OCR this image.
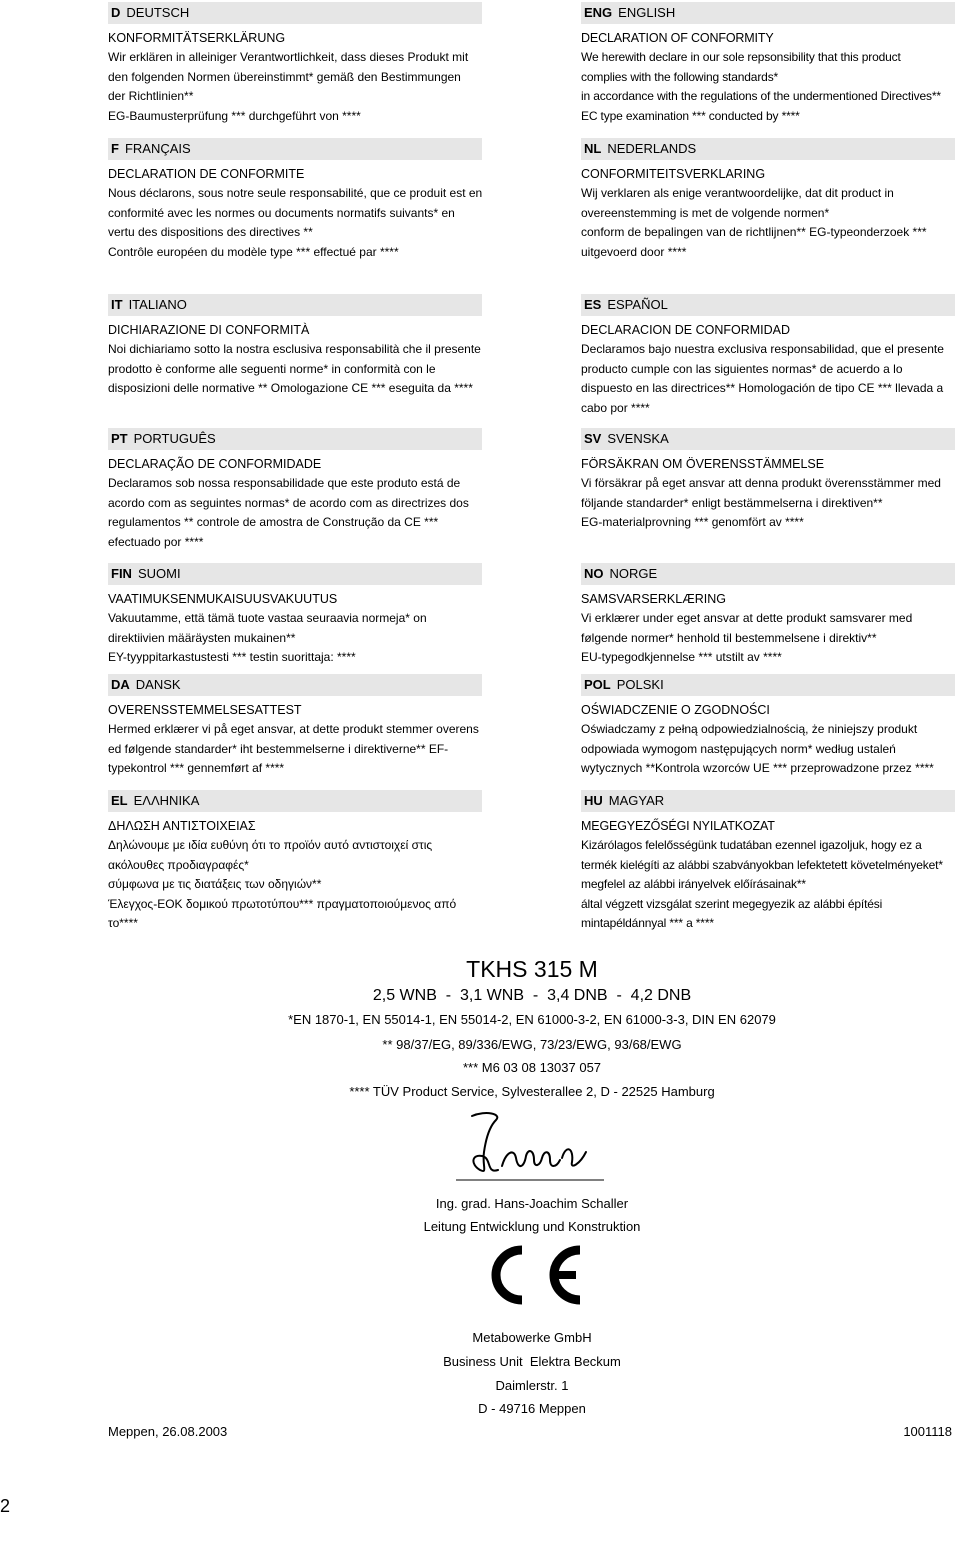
D DEUTSCH
KONFORMITÄTSERKLÄRUNG
Wir erklären in alleiniger Verantwortlichkeit, dass dieses Produkt mit
den folgenden Normen übereinstimmt* gemäß den Bestimmungen
der Richtlinien**
EG-Baumusterprüfung *** durchgeführt von ****
F FRANÇAIS
DECLARATION DE CONFORMITE
Nous déclarons, sous notre seule responsabilité, que ce produit est en
conformité avec les normes ou documents normatifs suivants* en
vertu des dispositions des directives **
Contrôle européen du modèle type *** effectué par ****
IT ITALIANO
DICHIARAZIONE DI CONFORMITÀ
Noi dichiariamo sotto la nostra esclusiva responsabilità che il presente
prodotto è conforme alle seguenti norme* in conformità con le
disposizioni delle normative ** Omologazione CE *** eseguita da ****
PT PORTUGUÊS
DECLARAÇÃO DE CONFORMIDADE
Declaramos sob nossa responsabilidade que este produto está de
acordo com as seguintes normas* de acordo com as directrizes dos
regulamentos ** controle de amostra de Construção da CE ***
efectuado por ****
FIN SUOMI
VAATIMUKSENMUKAISUUSVAKUUTUS
Vakuutamme, että tämä tuote vastaa seuraavia normeja* on
direktiivien määräysten mukainen**
EY-tyyppitarkastustesti *** testin suorittaja: ****
DA DANSK
OVERENSSTEMMELSESATTEST
Hermed erklærer vi på eget ansvar, at dette produkt stemmer overens
ed følgende standarder* iht bestemmelserne i direktiverne** EF-
typekontrol *** gennemført af ****
EL ΕΛΛΗΝΙΚΑ
ΔΗΛΩΣΗ ΑΝΤΙΣΤΟΙΧΕΙΑΣ
Δηλώνουμε με ιδία ευθύνη ότι το προϊόν αυτό αντιστοιχεί στις
ακόλουθες προδιαγραφές*
σύμφωνα με τις διατάξεις των οδηγιών**
Έλεγχος-ΕΟΚ δομικού πρωτοτύπου*** πραγματοποιούμενος από
το****
ENG ENGLISH
DECLARATION OF CONFORMITY
We herewith declare in our sole repsonsibility that this product
complies with the following standards*
in accordance with the regulations of the undermentioned Directives**
EC type examination *** conducted by ****
NL NEDERLANDS
CONFORMITEITSVERKLARING
Wij verklaren als enige verantwoordelijke, dat dit product in
overeenstemming is met de volgende normen*
conform de bepalingen van de richtlijnen** EG-typeonderzoek ***
uitgevoerd door ****
ES ESPAÑOL
DECLARACION DE CONFORMIDAD
Declaramos bajo nuestra exclusiva responsabilidad, que el presente
producto cumple con las siguientes normas* de acuerdo a lo
dispuesto en las directrices** Homologación de tipo CE *** llevada a
cabo por ****
SV SVENSKA
FÖRSÄKRAN OM ÖVERENSSTÄMMELSE
Vi försäkrar på eget ansvar att denna produkt överensstämmer med
följande standarder* enligt bestämmelserna i direktiven**
EG-materialprovning *** genomfört av ****
NO NORGE
SAMSVARSERKLÆRING
Vi erklærer under eget ansvar at dette produkt samsvarer med
følgende normer* henhold til bestemmelsene i direktiv**
EU-typegodkjennelse *** utstilt av ****
POL POLSKI
OŚWIADCZENIE O ZGODNOŚCI
Oświadczamy z pełną odpowiedzialnością, że niniejszy produkt
odpowiada wymogom następujących norm* według ustaleń
wytycznych **Kontrola wzorców UE *** przeprowadzone przez ****
HU MAGYAR
MEGEGYEZŐSÉGI NYILATKOZAT
Kizárólagos felelősségünk tudatában ezennel igazoljuk, hogy ez a
termék kielégíti az alábbi szabványokban lefektetett követelményeket*
megfelel az alábbi irányelvek előírásainak**
által végzett vizsgálat szerint megegyezik az alábbi építési
mintapéldánnyal *** a ****
TKHS 315 M
2,5 WNB  -  3,1 WNB  -  3,4 DNB  -  4,2 DNB
*EN 1870-1, EN 55014-1, EN 55014-2, EN 61000-3-2, EN 61000-3-3, DIN EN 62079
** 98/37/EG, 89/336/EWG, 73/23/EWG, 93/68/EWG
*** M6 03 08 13037 057
**** TÜV Product Service, Sylvesterallee 2, D - 22525 Hamburg
Ing. grad. Hans-Joachim Schaller
Leitung Entwicklung und Konstruktion
Metabowerke GmbH
Business Unit  Elektra Beckum
Daimlerstr. 1
D - 49716 Meppen
Meppen, 26.08.2003	1001118
2
